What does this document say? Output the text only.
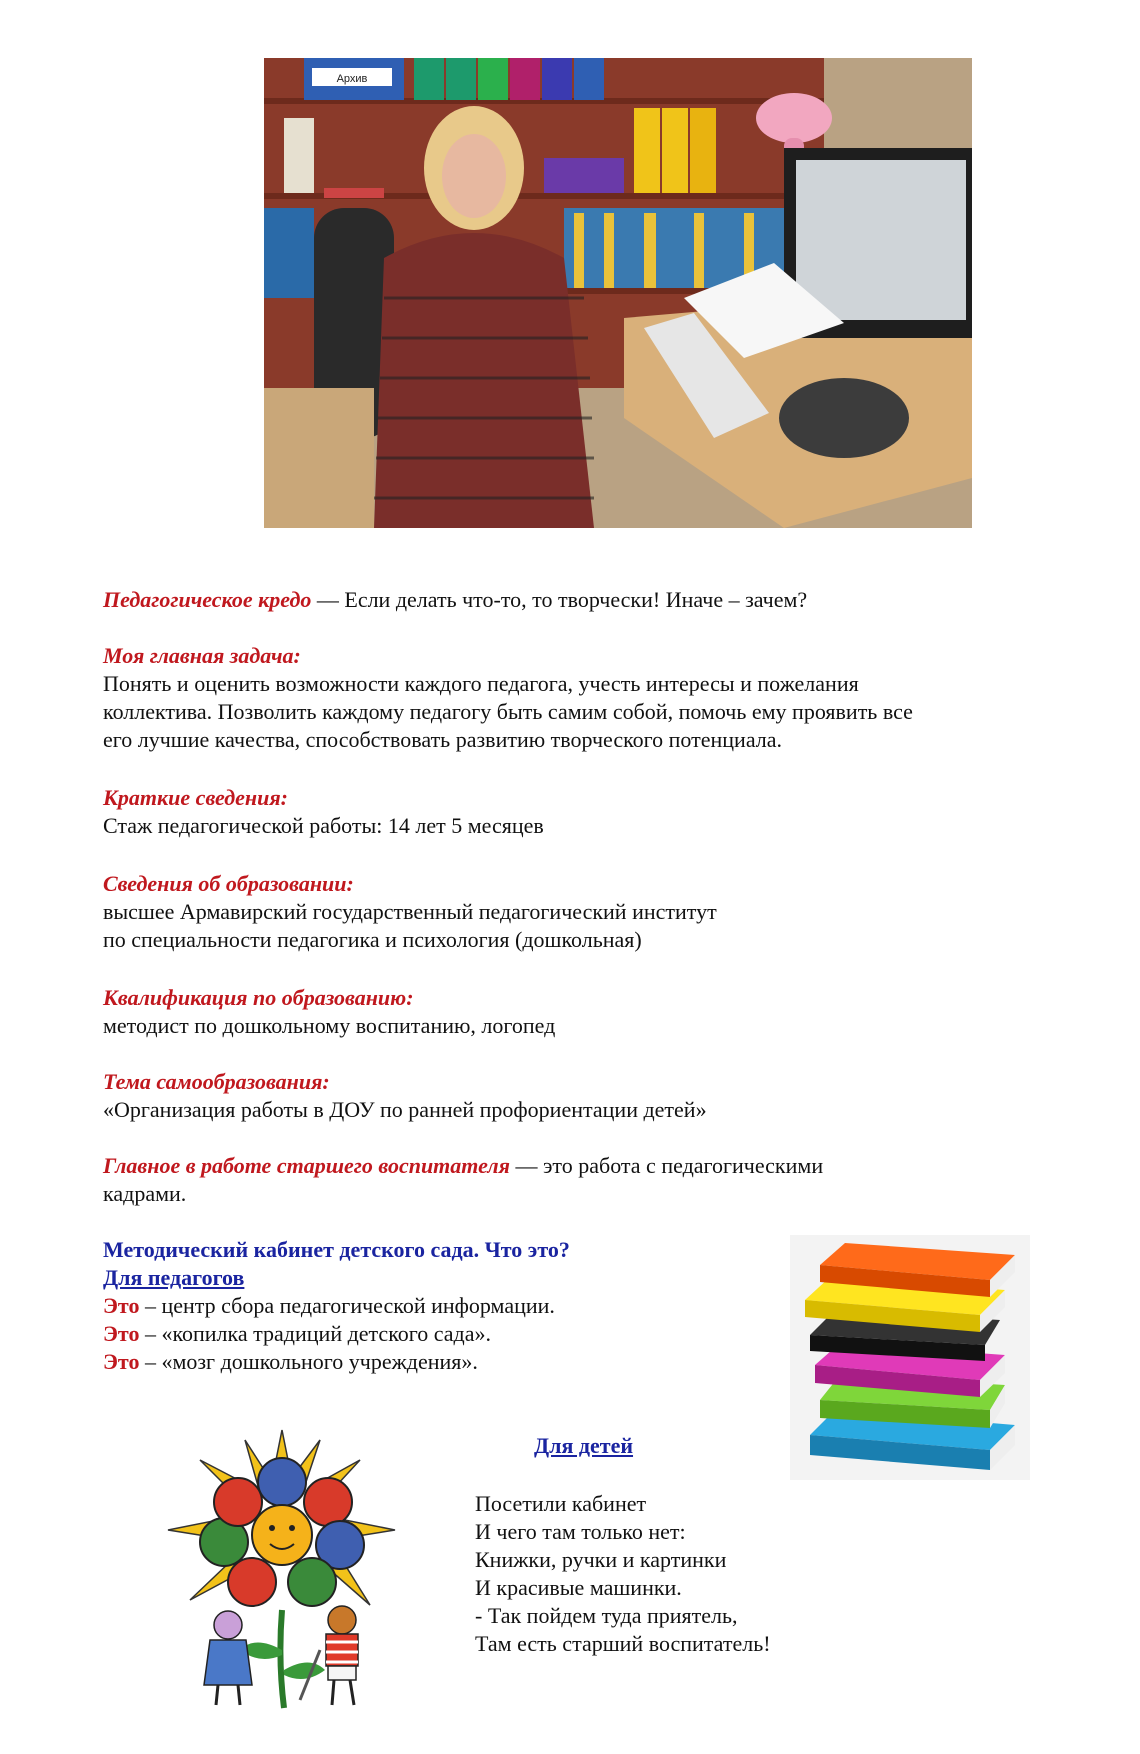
Архив

Педагогическое кредо — Если делать что-то, то творчески! Иначе – зачем?

Моя главная задача:

Понять и оценить возможности каждого педагога, учесть интересы и пожелания

коллектива. Позволить каждому педагогу быть самим собой, помочь ему проявить все

его лучшие качества, способствовать развитию творческого потенциала.

Краткие сведения:

Стаж педагогической работы: 14 лет 5 месяцев

Сведения об образовании:

высшее Армавирский государственный педагогический институт

по специальности педагогика и психология (дошкольная)

Квалификация по образованию:

методист по дошкольному воспитанию, логопед

Тема самообразования:

«Организация работы в ДОУ по ранней профориентации детей»

Главное в работе старшего воспитателя — это работа с педагогическими

кадрами.

Методический кабинет детского сада. Что это?

Для педагогов

Это – центр сбора педагогической информации.

Это – «копилка традиций детского сада».

Это – «мозг дошкольного учреждения».

Для детей

Посетили кабинет

И чего там только нет:

Книжки, ручки и картинки

И красивые машинки.

- Так пойдем туда приятель,

Там есть старший воспитатель!
